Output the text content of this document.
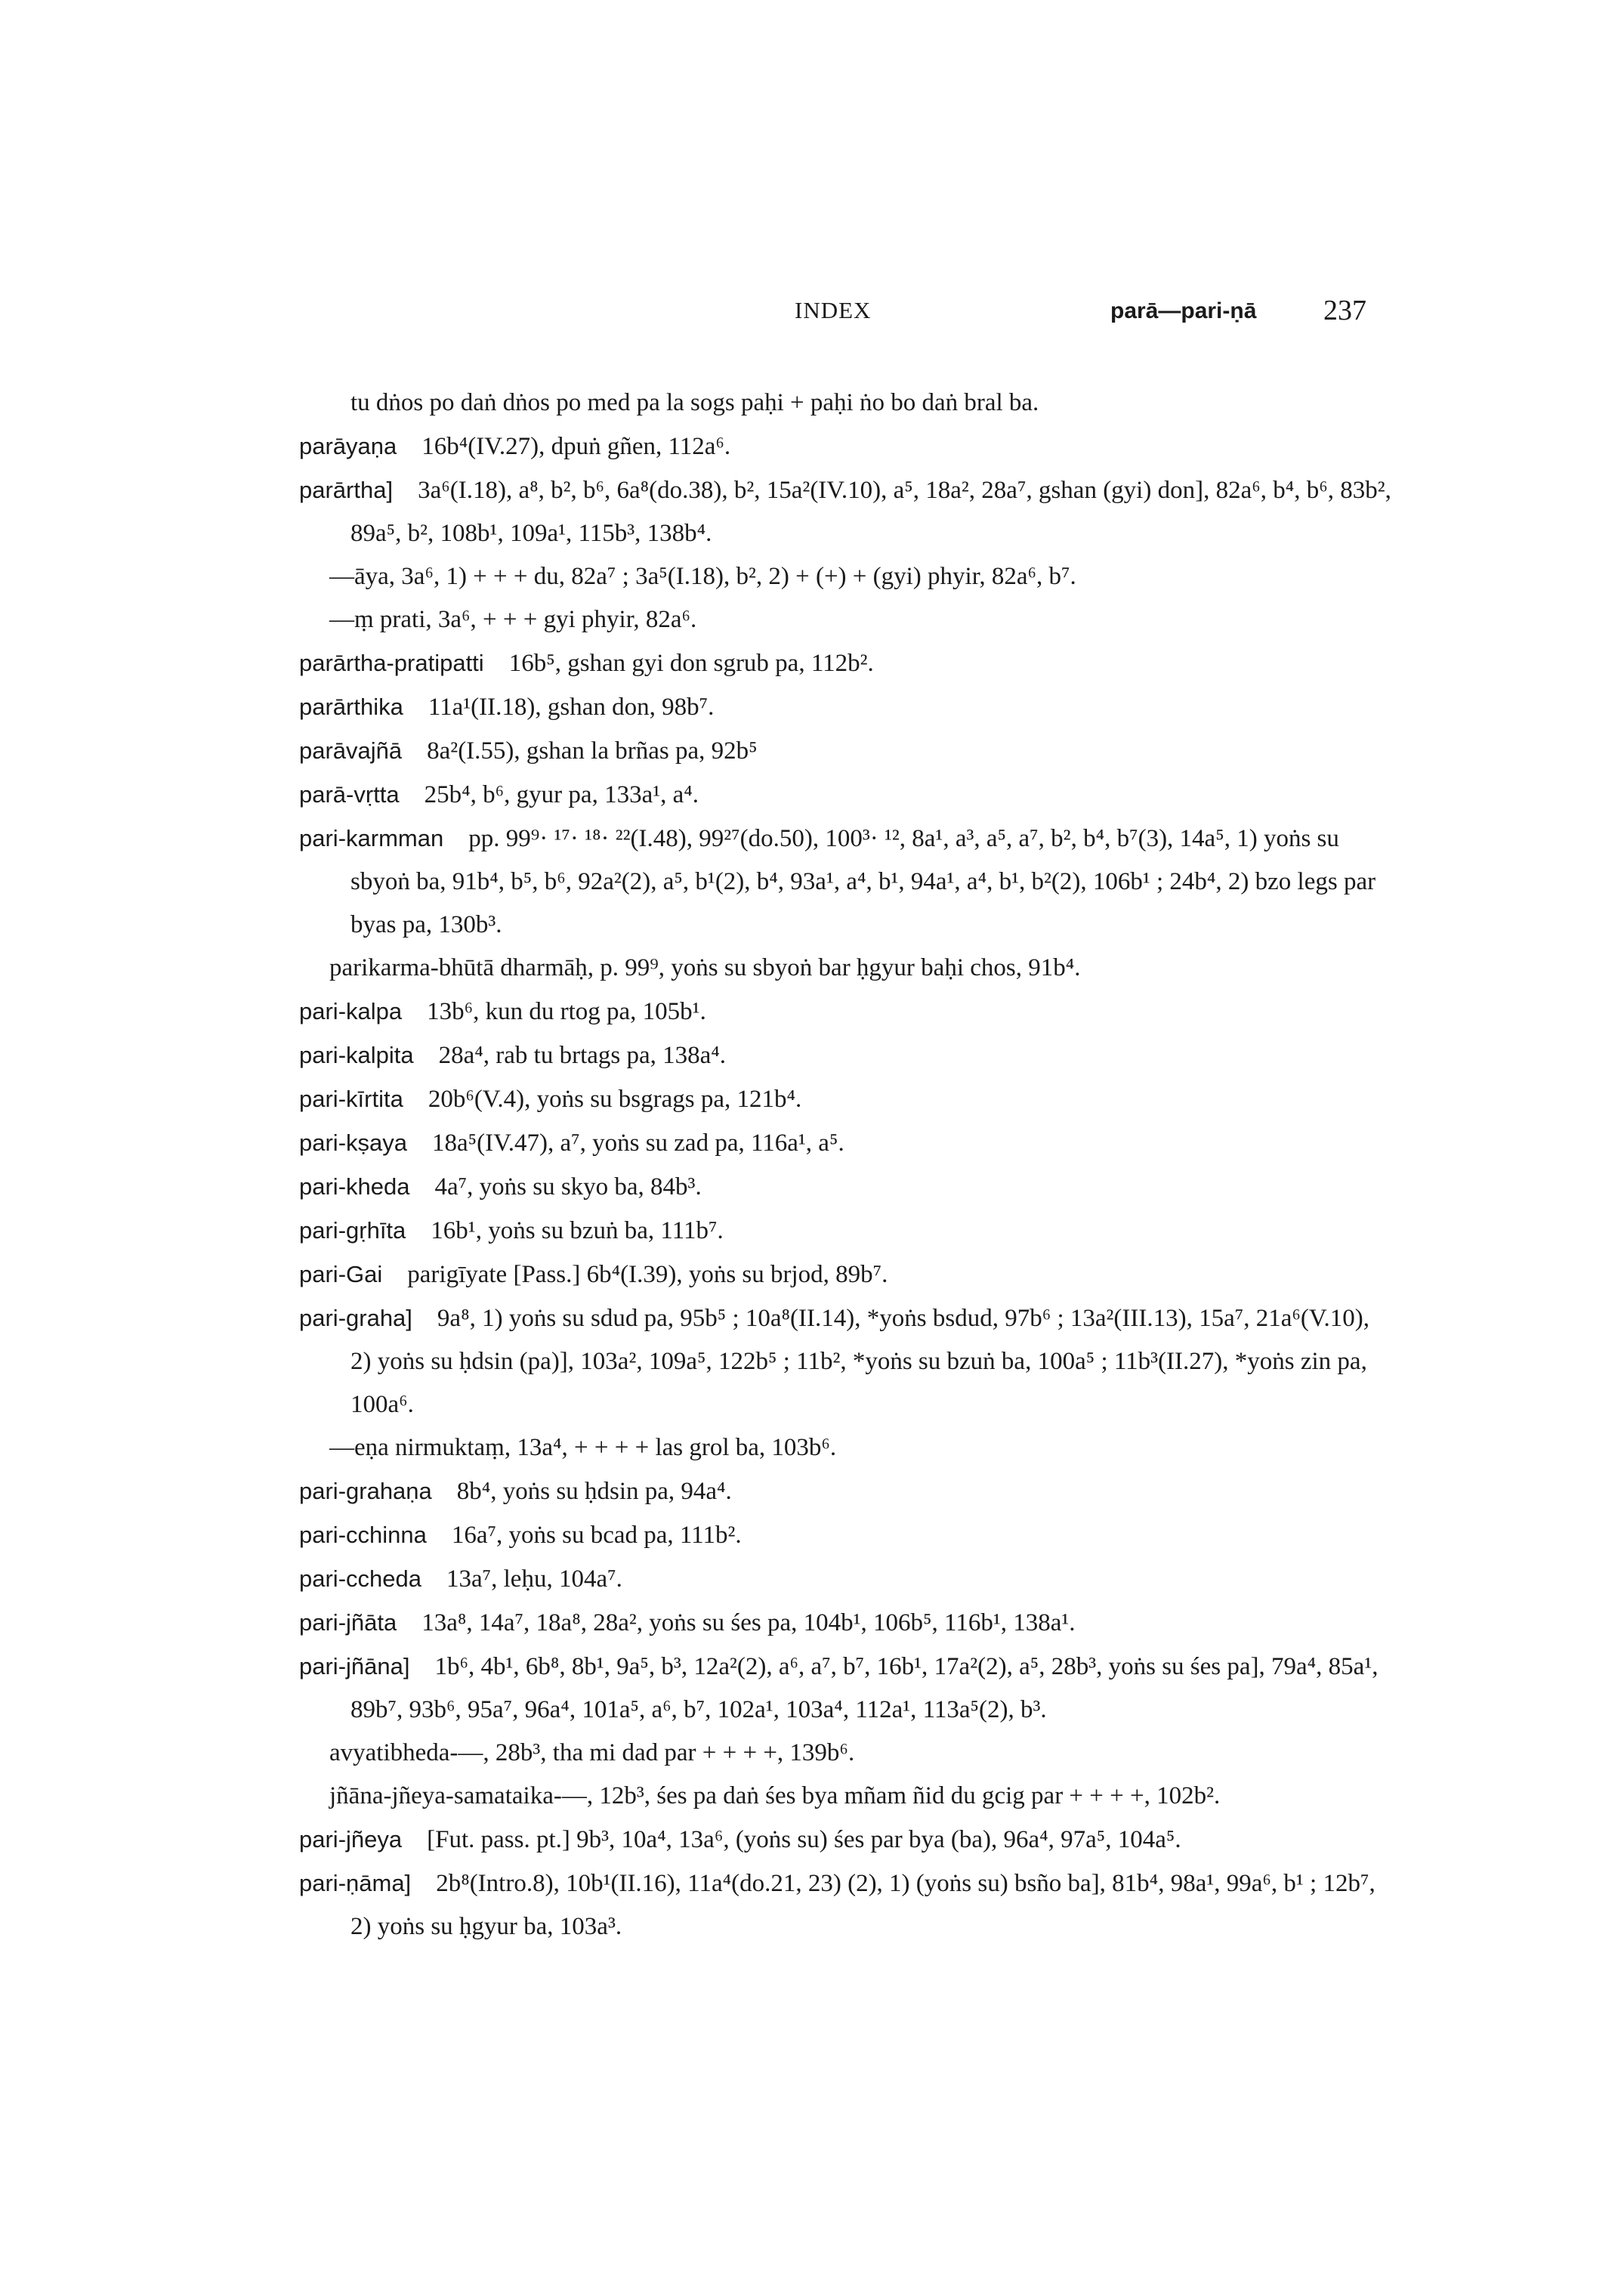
INDEX	parā—pari-ṇā 237

tu dṅos po daṅ dṅos po med pa la sogs paḥi + paḥi ṅo bo daṅ bral ba.

parāyaṇa  16b⁴(IV.27), dpuṅ gñen, 112a⁶.

parārtha]  3a⁶(I.18), a⁸, b², b⁶, 6a⁸(do.38), b², 15a²(IV.10), a⁵, 18a², 28a⁷, gshan (gyi) don], 82a⁶, b⁴, b⁶, 83b², 89a⁵, b², 108b¹, 109a¹, 115b³, 138b⁴.

—āya, 3a⁶, 1) + + + du, 82a⁷ ; 3a⁵(I.18), b², 2) + (+) + (gyi) phyir, 82a⁶, b⁷.

—ṃ prati, 3a⁶, + + + gyi phyir, 82a⁶.

parārtha-pratipatti  16b⁵, gshan gyi don sgrub pa, 112b².

parārthika  11a¹(II.18), gshan don, 98b⁷.

parāvajñā  8a²(I.55), gshan la brñas pa, 92b⁵

parā-vṛtta  25b⁴, b⁶, gyur pa, 133a¹, a⁴.

pari-karmman  pp. 99⁹· ¹⁷· ¹⁸· ²²(I.48), 99²⁷(do.50), 100³· ¹², 8a¹, a³, a⁵, a⁷, b², b⁴, b⁷(3), 14a⁵, 1) yoṅs su sbyoṅ ba, 91b⁴, b⁵, b⁶, 92a²(2), a⁵, b¹(2), b⁴, 93a¹, a⁴, b¹, 94a¹, a⁴, b¹, b²(2), 106b¹ ; 24b⁴, 2) bzo legs par byas pa, 130b³.

parikarma-bhūtā dharmāḥ, p. 99⁹, yoṅs su sbyoṅ bar ḥgyur baḥi chos, 91b⁴.

pari-kalpa  13b⁶, kun du rtog pa, 105b¹.

pari-kalpita  28a⁴, rab tu brtags pa, 138a⁴.

pari-kīrtita  20b⁶(V.4), yoṅs su bsgrags pa, 121b⁴.

pari-kṣaya  18a⁵(IV.47), a⁷, yoṅs su zad pa, 116a¹, a⁵.

pari-kheda  4a⁷, yoṅs su skyo ba, 84b³.

pari-gṛhīta  16b¹, yoṅs su bzuṅ ba, 111b⁷.

pari-Gai  parigīyate [Pass.] 6b⁴(I.39), yoṅs su brjod, 89b⁷.

pari-graha]  9a⁸, 1) yoṅs su sdud pa, 95b⁵ ; 10a⁸(II.14), *yoṅs bsdud, 97b⁶ ; 13a²(III.13), 15a⁷, 21a⁶(V.10), 2) yoṅs su ḥdsin (pa)], 103a², 109a⁵, 122b⁵ ; 11b², *yoṅs su bzuṅ ba, 100a⁵ ; 11b³(II.27), *yoṅs zin pa, 100a⁶.

—eṇa nirmuktaṃ, 13a⁴, + + + + las grol ba, 103b⁶.

pari-grahaṇa  8b⁴, yoṅs su ḥdsin pa, 94a⁴.

pari-cchinna  16a⁷, yoṅs su bcad pa, 111b².

pari-ccheda  13a⁷, leḥu, 104a⁷.

pari-jñāta  13a⁸, 14a⁷, 18a⁸, 28a², yoṅs su śes pa, 104b¹, 106b⁵, 116b¹, 138a¹.

pari-jñāna]  1b⁶, 4b¹, 6b⁸, 8b¹, 9a⁵, b³, 12a²(2), a⁶, a⁷, b⁷, 16b¹, 17a²(2), a⁵, 28b³, yoṅs su śes pa], 79a⁴, 85a¹, 89b⁷, 93b⁶, 95a⁷, 96a⁴, 101a⁵, a⁶, b⁷, 102a¹, 103a⁴, 112a¹, 113a⁵(2), b³.

avyatibheda-—, 28b³, tha mi dad par + + + +, 139b⁶.

jñāna-jñeya-samataika-—, 12b³, śes pa daṅ śes bya mñam ñid du gcig par + + + +, 102b².

pari-jñeya  [Fut. pass. pt.] 9b³, 10a⁴, 13a⁶, (yoṅs su) śes par bya (ba), 96a⁴, 97a⁵, 104a⁵.

pari-ṇāma]  2b⁸(Intro.8), 10b¹(II.16), 11a⁴(do.21, 23) (2), 1) (yoṅs su) bsño ba], 81b⁴, 98a¹, 99a⁶, b¹ ; 12b⁷, 2) yoṅs su ḥgyur ba, 103a³.
